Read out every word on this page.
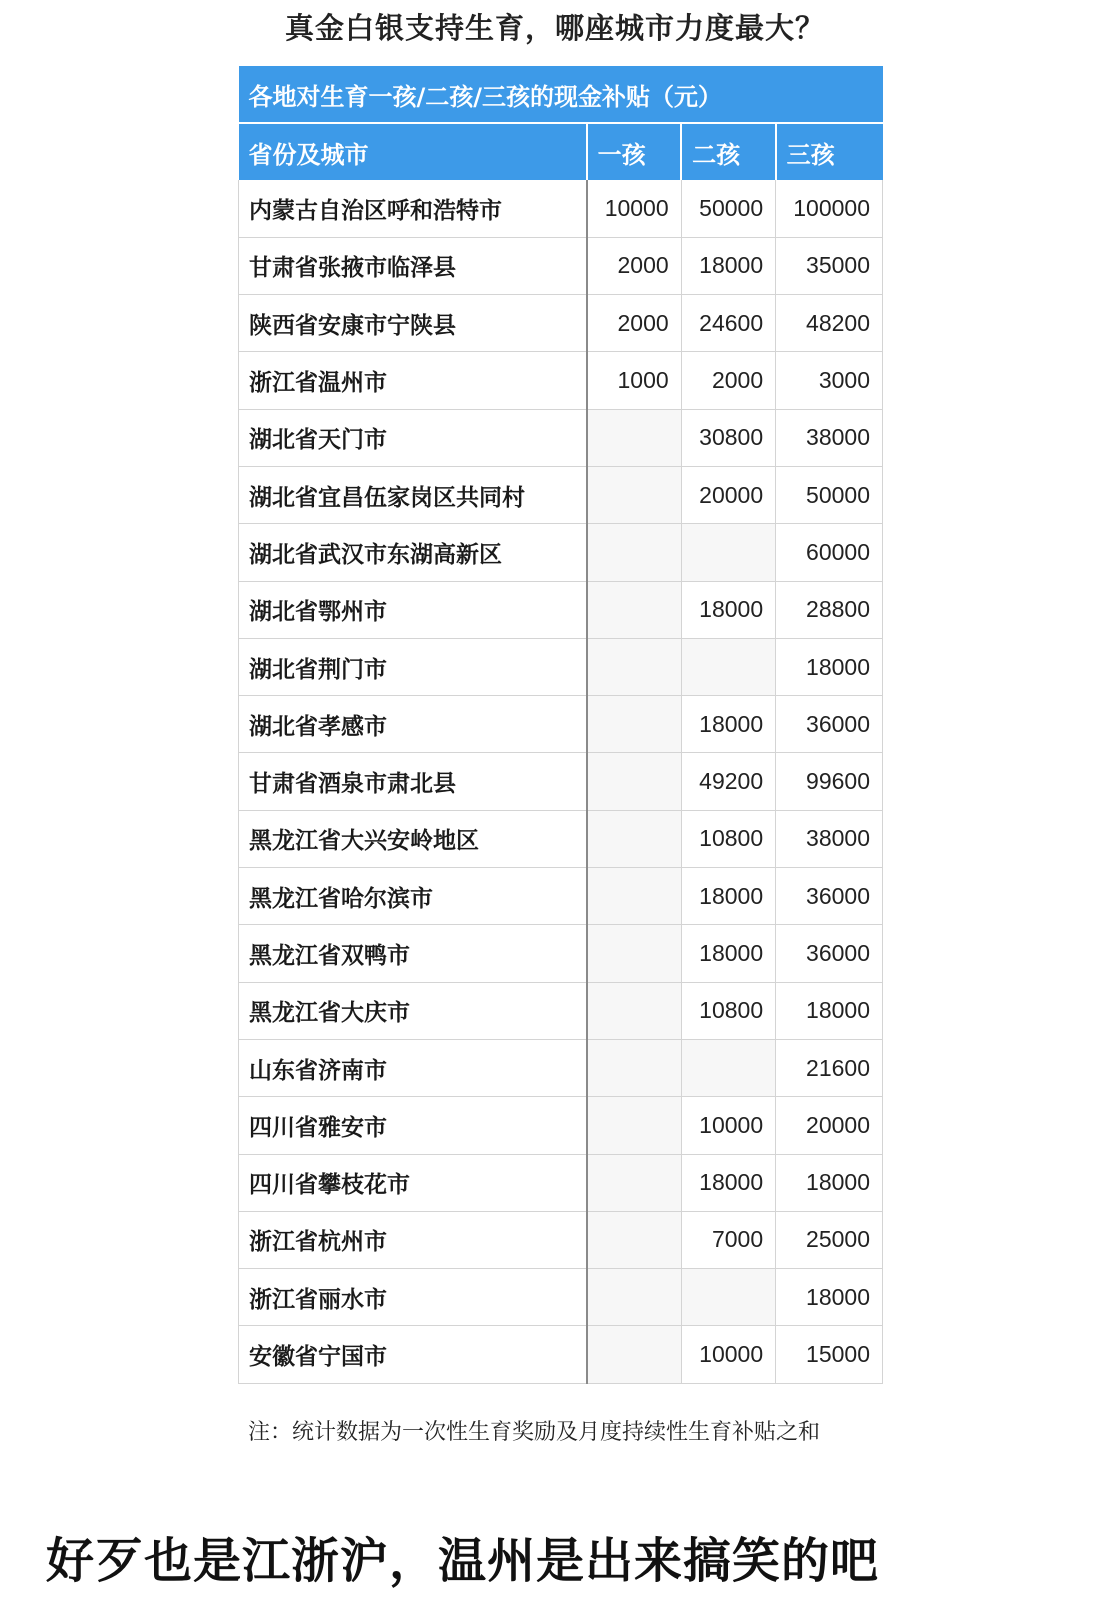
真金白银支持生育，哪座城市力度最大？
各地对生育一孩/二孩/三孩的现金补贴（元）			
省份及城市	一孩	二孩	三孩
内蒙古自治区呼和浩特市	10000	50000	100000
甘肃省张掖市临泽县	2000	18000	35000
陕西省安康市宁陕县	2000	24600	48200
浙江省温州市	1000	2000	3000
湖北省天门市		30800	38000
湖北省宜昌伍家岗区共同村		20000	50000
湖北省武汉市东湖高新区			60000
湖北省鄂州市		18000	28800
湖北省荆门市			18000
湖北省孝感市		18000	36000
甘肃省酒泉市肃北县		49200	99600
黑龙江省大兴安岭地区		10800	38000
黑龙江省哈尔滨市		18000	36000
黑龙江省双鸭市		18000	36000
黑龙江省大庆市		10800	18000
山东省济南市			21600
四川省雅安市		10000	20000
四川省攀枝花市		18000	18000
浙江省杭州市		7000	25000
浙江省丽水市			18000
安徽省宁国市		10000	15000
注：统计数据为一次性生育奖励及月度持续性生育补贴之和
好歹也是江浙沪，温州是出来搞笑的吧
